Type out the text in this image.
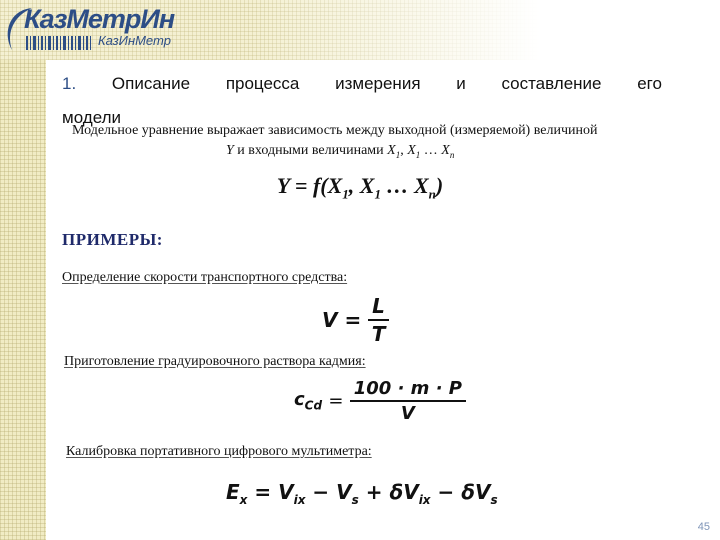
КазМетрИн
КазИнМетр
1. Описание процесса измерения и составление его
модели
Модельное уравнение выражает зависимость между выходной (измеряемой) величиной
Y и входными величинами $X_1$, $X_1$ … $X_n$
$Y = f(X_1$, $X_1$ … $X_n$)
ПРИМЕРЫ:
Определение скорости транспортного средства:
$V = \frac{L}{T}$
Приготовление градуировочного раствора кадмия:
$c_{Cd} = \frac{100 \cdot m \cdot P}{V}$
Калибровка портативного цифрового мультиметра:
$E_x = V_{ix} - V_s + \delta V_{ix} - \delta V_s$
45
